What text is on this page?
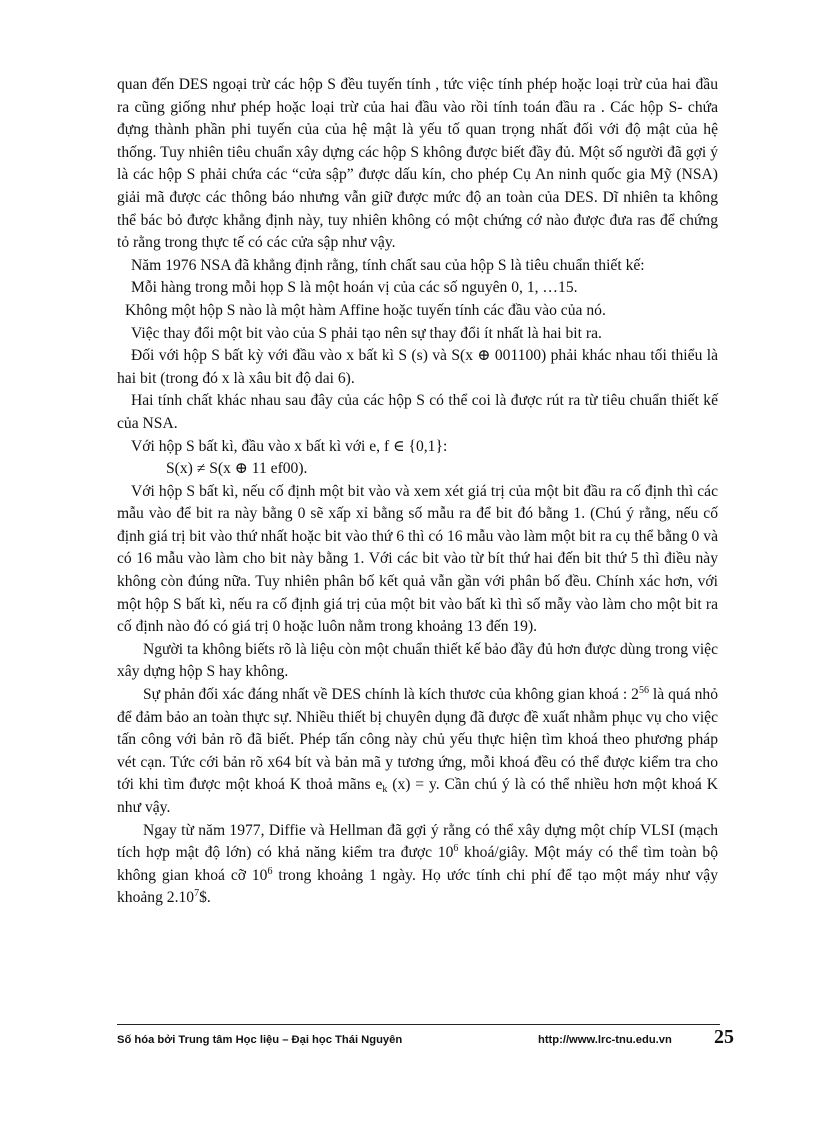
quan đến DES ngoại trừ các hộp S đều tuyến tính , tức việc tính phép hoặc loại trừ của hai đầu ra cũng giống như phép hoặc loại trừ của hai đầu vào rồi tính toán đầu ra . Các hộp S- chứa đựng thành phần phi tuyến của của hệ mật là yếu tố quan trọng nhất đối với độ mật của hệ thống. Tuy nhiên tiêu chuẩn xây dựng các hộp S không được biết đầy đủ. Một số người đã gợi ý là các hộp S phải chứa các “cửa sập” được dấu kín, cho phép Cụ An ninh quốc gia Mỹ (NSA) giải mã được các thông báo nhưng vẫn giữ được mức độ an toàn của DES. Dĩ nhiên ta không thể bác bỏ được khẳng định này, tuy nhiên không có một chứng cớ nào được đưa ras để chứng tỏ rằng trong thực tế có các cửa sập như vậy.

Năm 1976 NSA đã khẳng định rằng, tính chất sau của hộp S là tiêu chuẩn thiết kế:

Mỗi hàng trong mỗi họp S là một hoán vị của các số nguyên 0, 1, …15.

Không một hộp S nào là một hàm Affine hoặc tuyến tính các đầu vào của nó.

Việc thay đổi một bit vào của S phải tạo nên sự thay đổi ít nhất là hai bit ra.

Đối với hộp S bất kỳ với đầu vào x bất kì S (s) và S(x ⊕ 001100) phải khác nhau tối thiểu là hai bit (trong đó x là xâu bit độ dai 6).

Hai tính chất khác nhau sau đây của các hộp S có thể coi là được rút ra từ tiêu chuẩn thiết kế của NSA.

Với hộp S bất kì, đầu vào x bất kì với e, f ∈ {0,1}:

S(x) ≠ S(x ⊕ 11 ef00).

Với hộp S bất kì, nếu cố định một bit vào và xem xét giá trị của một bit đầu ra cố định thì các mẫu vào để bit ra này bằng 0 sẽ xấp xỉ bằng số mẫu ra để bit đó bằng 1. (Chú ý rằng, nếu cố định giá trị bit vào thứ nhất hoặc bit vào thứ 6 thì có 16 mẫu vào làm một bit ra cụ thể bằng 0 và có 16 mẫu vào làm cho bit này bằng 1. Với các bit vào từ bít thứ hai đến bit thứ 5 thì điều này không còn đúng nữa. Tuy nhiên phân bố kết quả vẫn gần với phân bố đều. Chính xác hơn, với một hộp S bất kì, nếu ra cố định giá trị của một bit vào bất kì thì số mẫy vào làm cho một bit ra cố định nào đó có giá trị 0 hoặc luôn nằm trong khoảng 13 đến 19).

Người ta không biếts rõ là liệu còn một chuẩn thiết kế bảo đầy đủ hơn được dùng trong việc xây dựng hộp S hay không.

Sự phản đối xác đáng nhất về DES chính là kích thươc của không gian khoá : $2^{56}$ là quá nhỏ để đảm bảo an toàn thực sự. Nhiều thiết bị chuyên dụng đã được đề xuất nhằm phục vụ cho việc tấn công với bản rõ đã biết. Phép tấn công này chủ yếu thực hiện tìm khoá theo phương pháp vét cạn. Tức cới bản rõ x64 bít và bản mã y tương ứng, mỗi khoá đều có thể được kiểm tra cho tới khi tìm được một khoá K thoả mãns $e_k$ (x) = y. Cần chú ý là có thể nhiều hơn một khoá K như vậy.

Ngay từ năm 1977, Diffie và Hellman đã gợi ý rằng có thể xây dựng một chíp VLSI (mạch tích hợp mật độ lớn) có khả năng kiểm tra được $10^6$ khoá/giây. Một máy có thể tìm toàn bộ không gian khoá cỡ $10^6$ trong khoảng 1 ngày. Họ ước tính chi phí để tạo một máy như vậy khoảng 2.10$^7$\$.

Số hóa bởi Trung tâm Học liệu – Đại học Thái Nguyên	http://www.lrc-tnu.edu.vn 25
